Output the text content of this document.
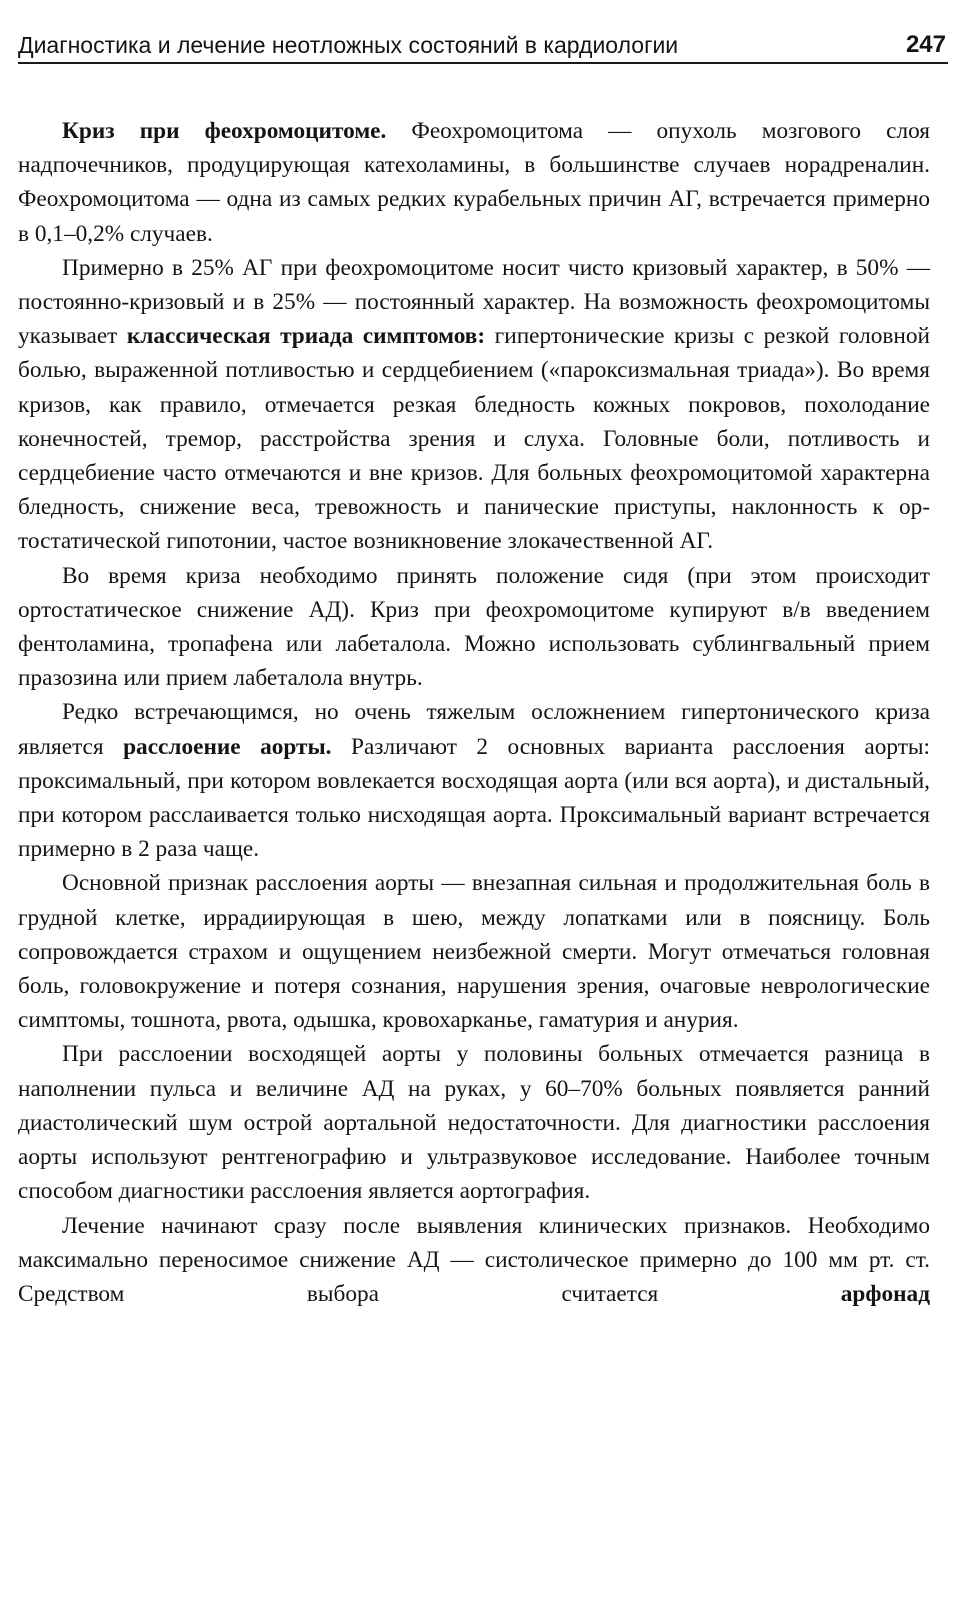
Диагностика и лечение неотложных состояний в кардиологии	247

Криз при феохромоцитоме. Феохромоцитома — опухоль мозгового слоя надпочечников, продуцирующая катехоламины, в большинстве случаев норадреналин. Феохромоцитома — одна из самых редких курабельных причин АГ, встречается примерно в 0,1–0,2% случаев.

Примерно в 25% АГ при феохромоцитоме носит чисто кризовый характер, в 50% — постоянно-кризовый и в 25% — постоянный характер. На возможность феохромоцитомы указывает классическая триада симптомов: гипертонические кризы с резкой головной болью, выраженной потливостью и сердцебиением («пароксизмальная триада»). Во время кризов, как правило, отмечается резкая бледность кожных покровов, похолодание конечностей, тремор, расстройства зрения и слуха. Головные боли, потливость и сердцебиение часто отмечаются и вне кризов. Для больных феохромоцитомой характерна бледность, снижение веса, тревожность и панические приступы, наклонность к ортостатической гипотонии, частое возникновение злокачественной АГ.

Во время криза необходимо принять положение сидя (при этом происходит ортостатическое снижение АД). Криз при феохромоцитоме купируют в/в введением фентоламина, тропафена или лабеталола. Можно использовать сублингвальный прием празозина или прием лабеталола внутрь.

Редко встречающимся, но очень тяжелым осложнением гипертонического криза является расслоение аорты. Различают 2 основных варианта расслоения аорты: проксимальный, при котором вовлекается восходящая аорта (или вся аорта), и дистальный, при котором расслаивается только нисходящая аорта. Проксимальный вариант встречается примерно в 2 раза чаще.

Основной признак расслоения аорты — внезапная сильная и продолжительная боль в грудной клетке, иррадиирующая в шею, между лопатками или в поясницу. Боль сопровождается страхом и ощущением неизбежной смерти. Могут отмечаться головная боль, головокружение и потеря сознания, нарушения зрения, очаговые неврологические симптомы, тошнота, рвота, одышка, кровохарканье, гаматурия и анурия.

При расслоении восходящей аорты у половины больных отмечается разница в наполнении пульса и величине АД на руках, у 60–70% больных появляется ранний диастолический шум острой аортальной недостаточности. Для диагностики расслоения аорты используют рентгенографию и ультразвуковое исследование. Наиболее точным способом диагностики расслоения является аортография.

Лечение начинают сразу после выявления клинических признаков. Необходимо максимально переносимое снижение АД — систолическое примерно до 100 мм рт. ст. Средством выбора считается арфонад
